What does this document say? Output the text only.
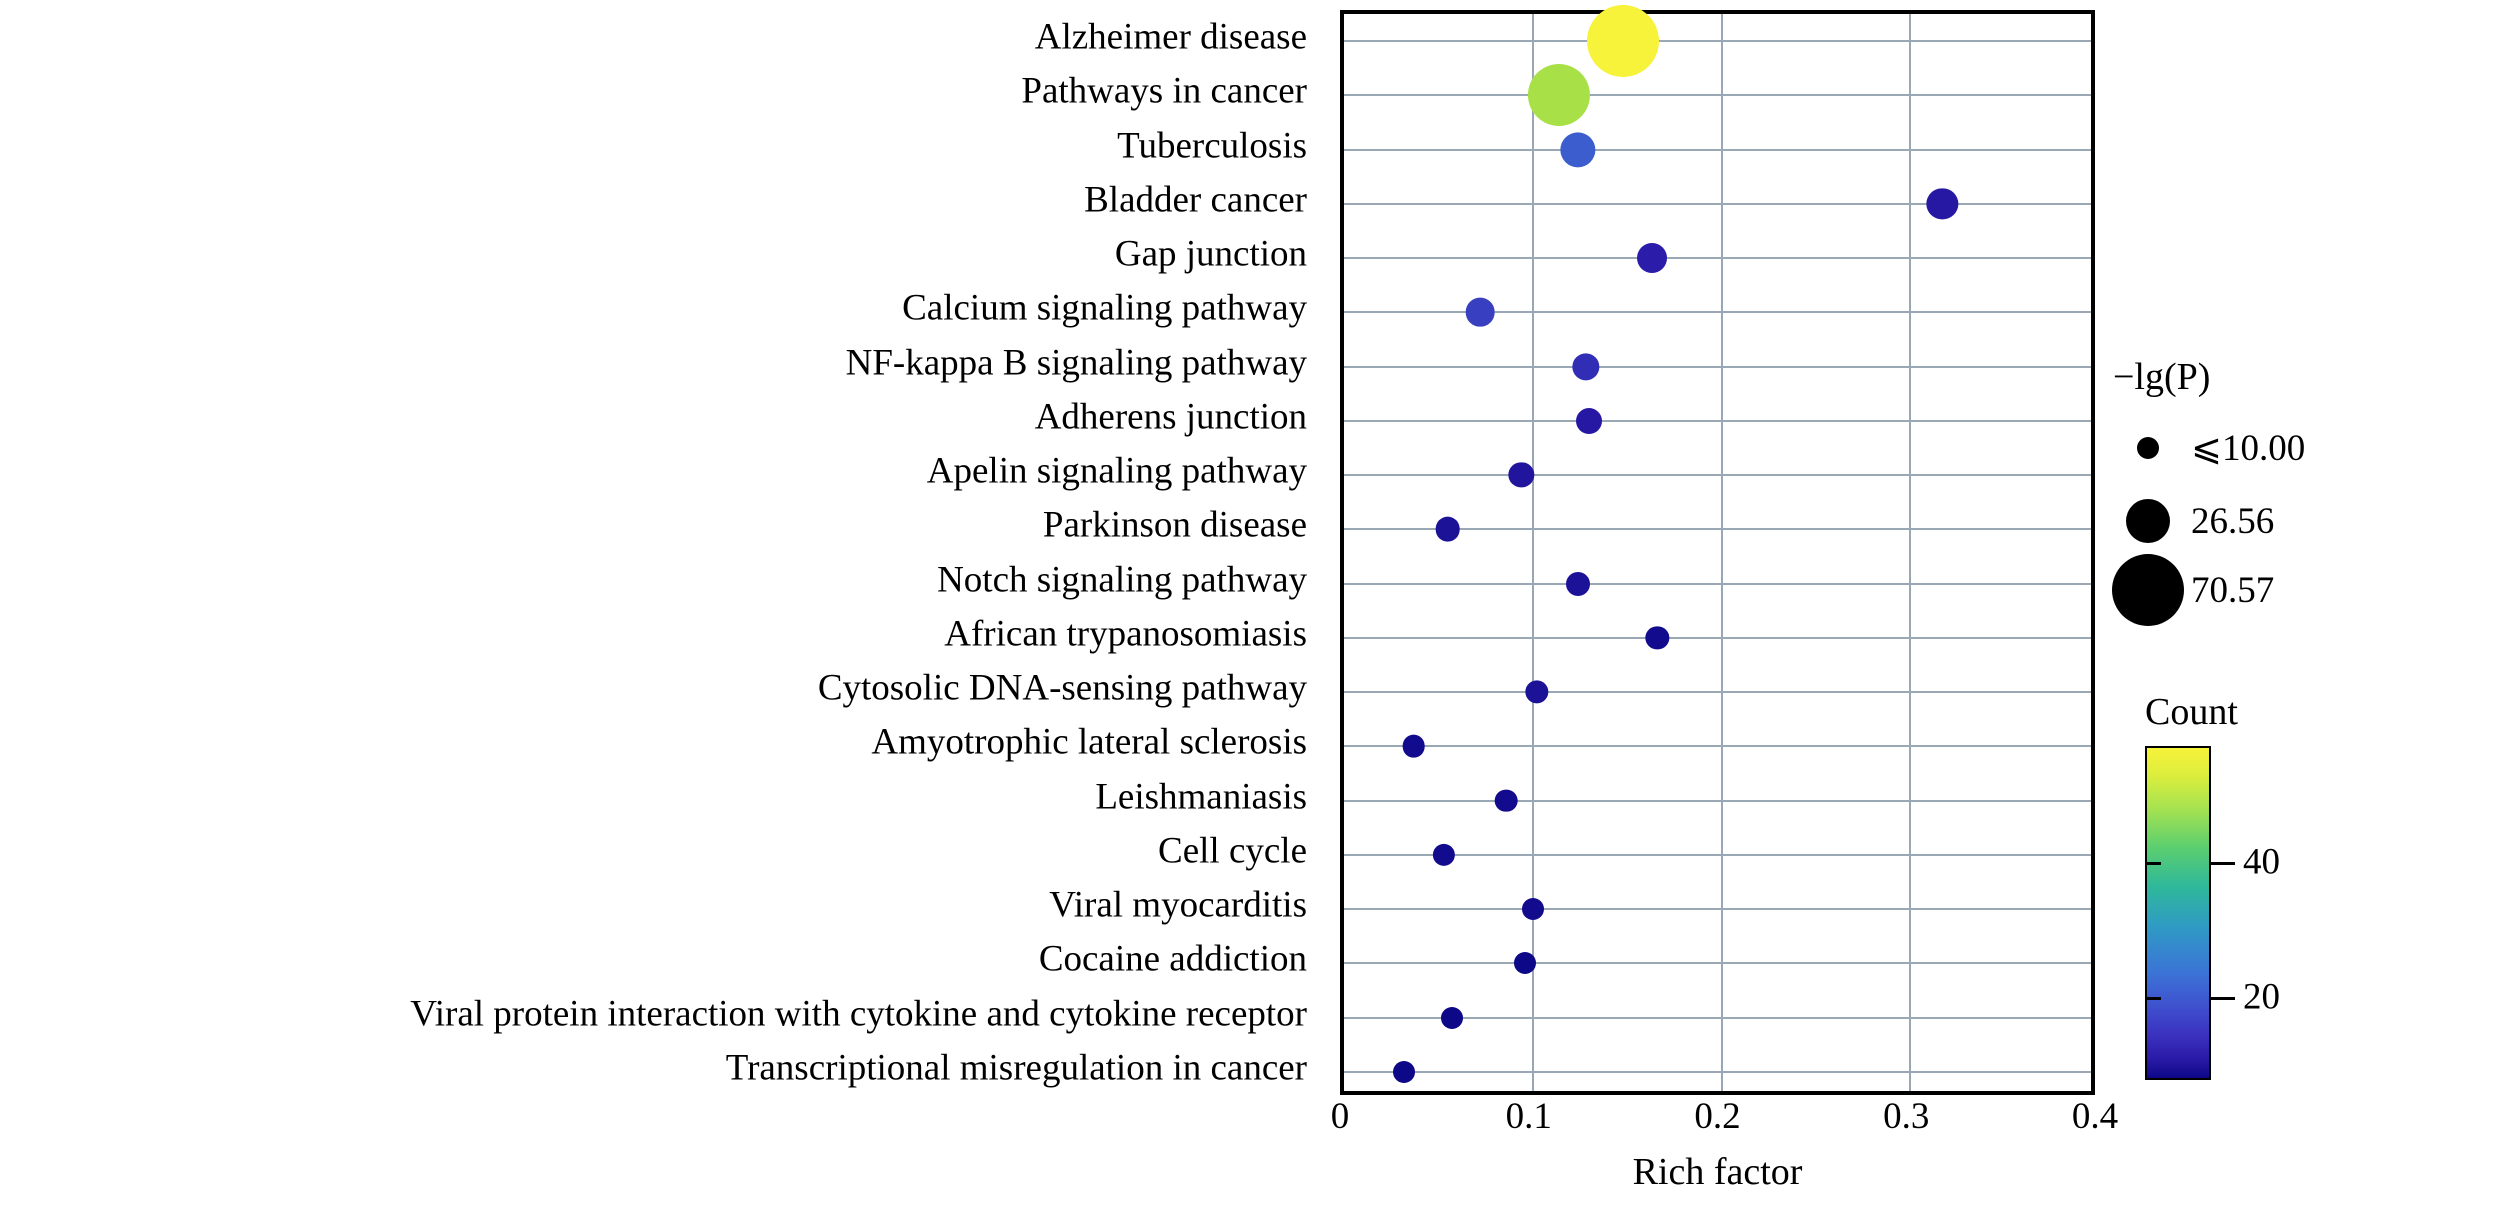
Alzheimer disease
Pathways in cancer
Tuberculosis
Bladder cancer
Gap junction
Calcium signaling pathway
NF-kappa B signaling pathway
Adherens junction
Apelin signaling pathway
Parkinson disease
Notch signaling pathway
African trypanosomiasis
Cytosolic DNA-sensing pathway
Amyotrophic lateral sclerosis
Leishmaniasis
Cell cycle
Viral myocarditis
Cocaine addiction
Viral protein interaction with cytokine and cytokine receptor
Transcriptional misregulation in cancer
0	0.1	0.2	0.3	0.4
Rich factor
−lg(P)
⩽10.00
26.56
70.57
Count
40
20
